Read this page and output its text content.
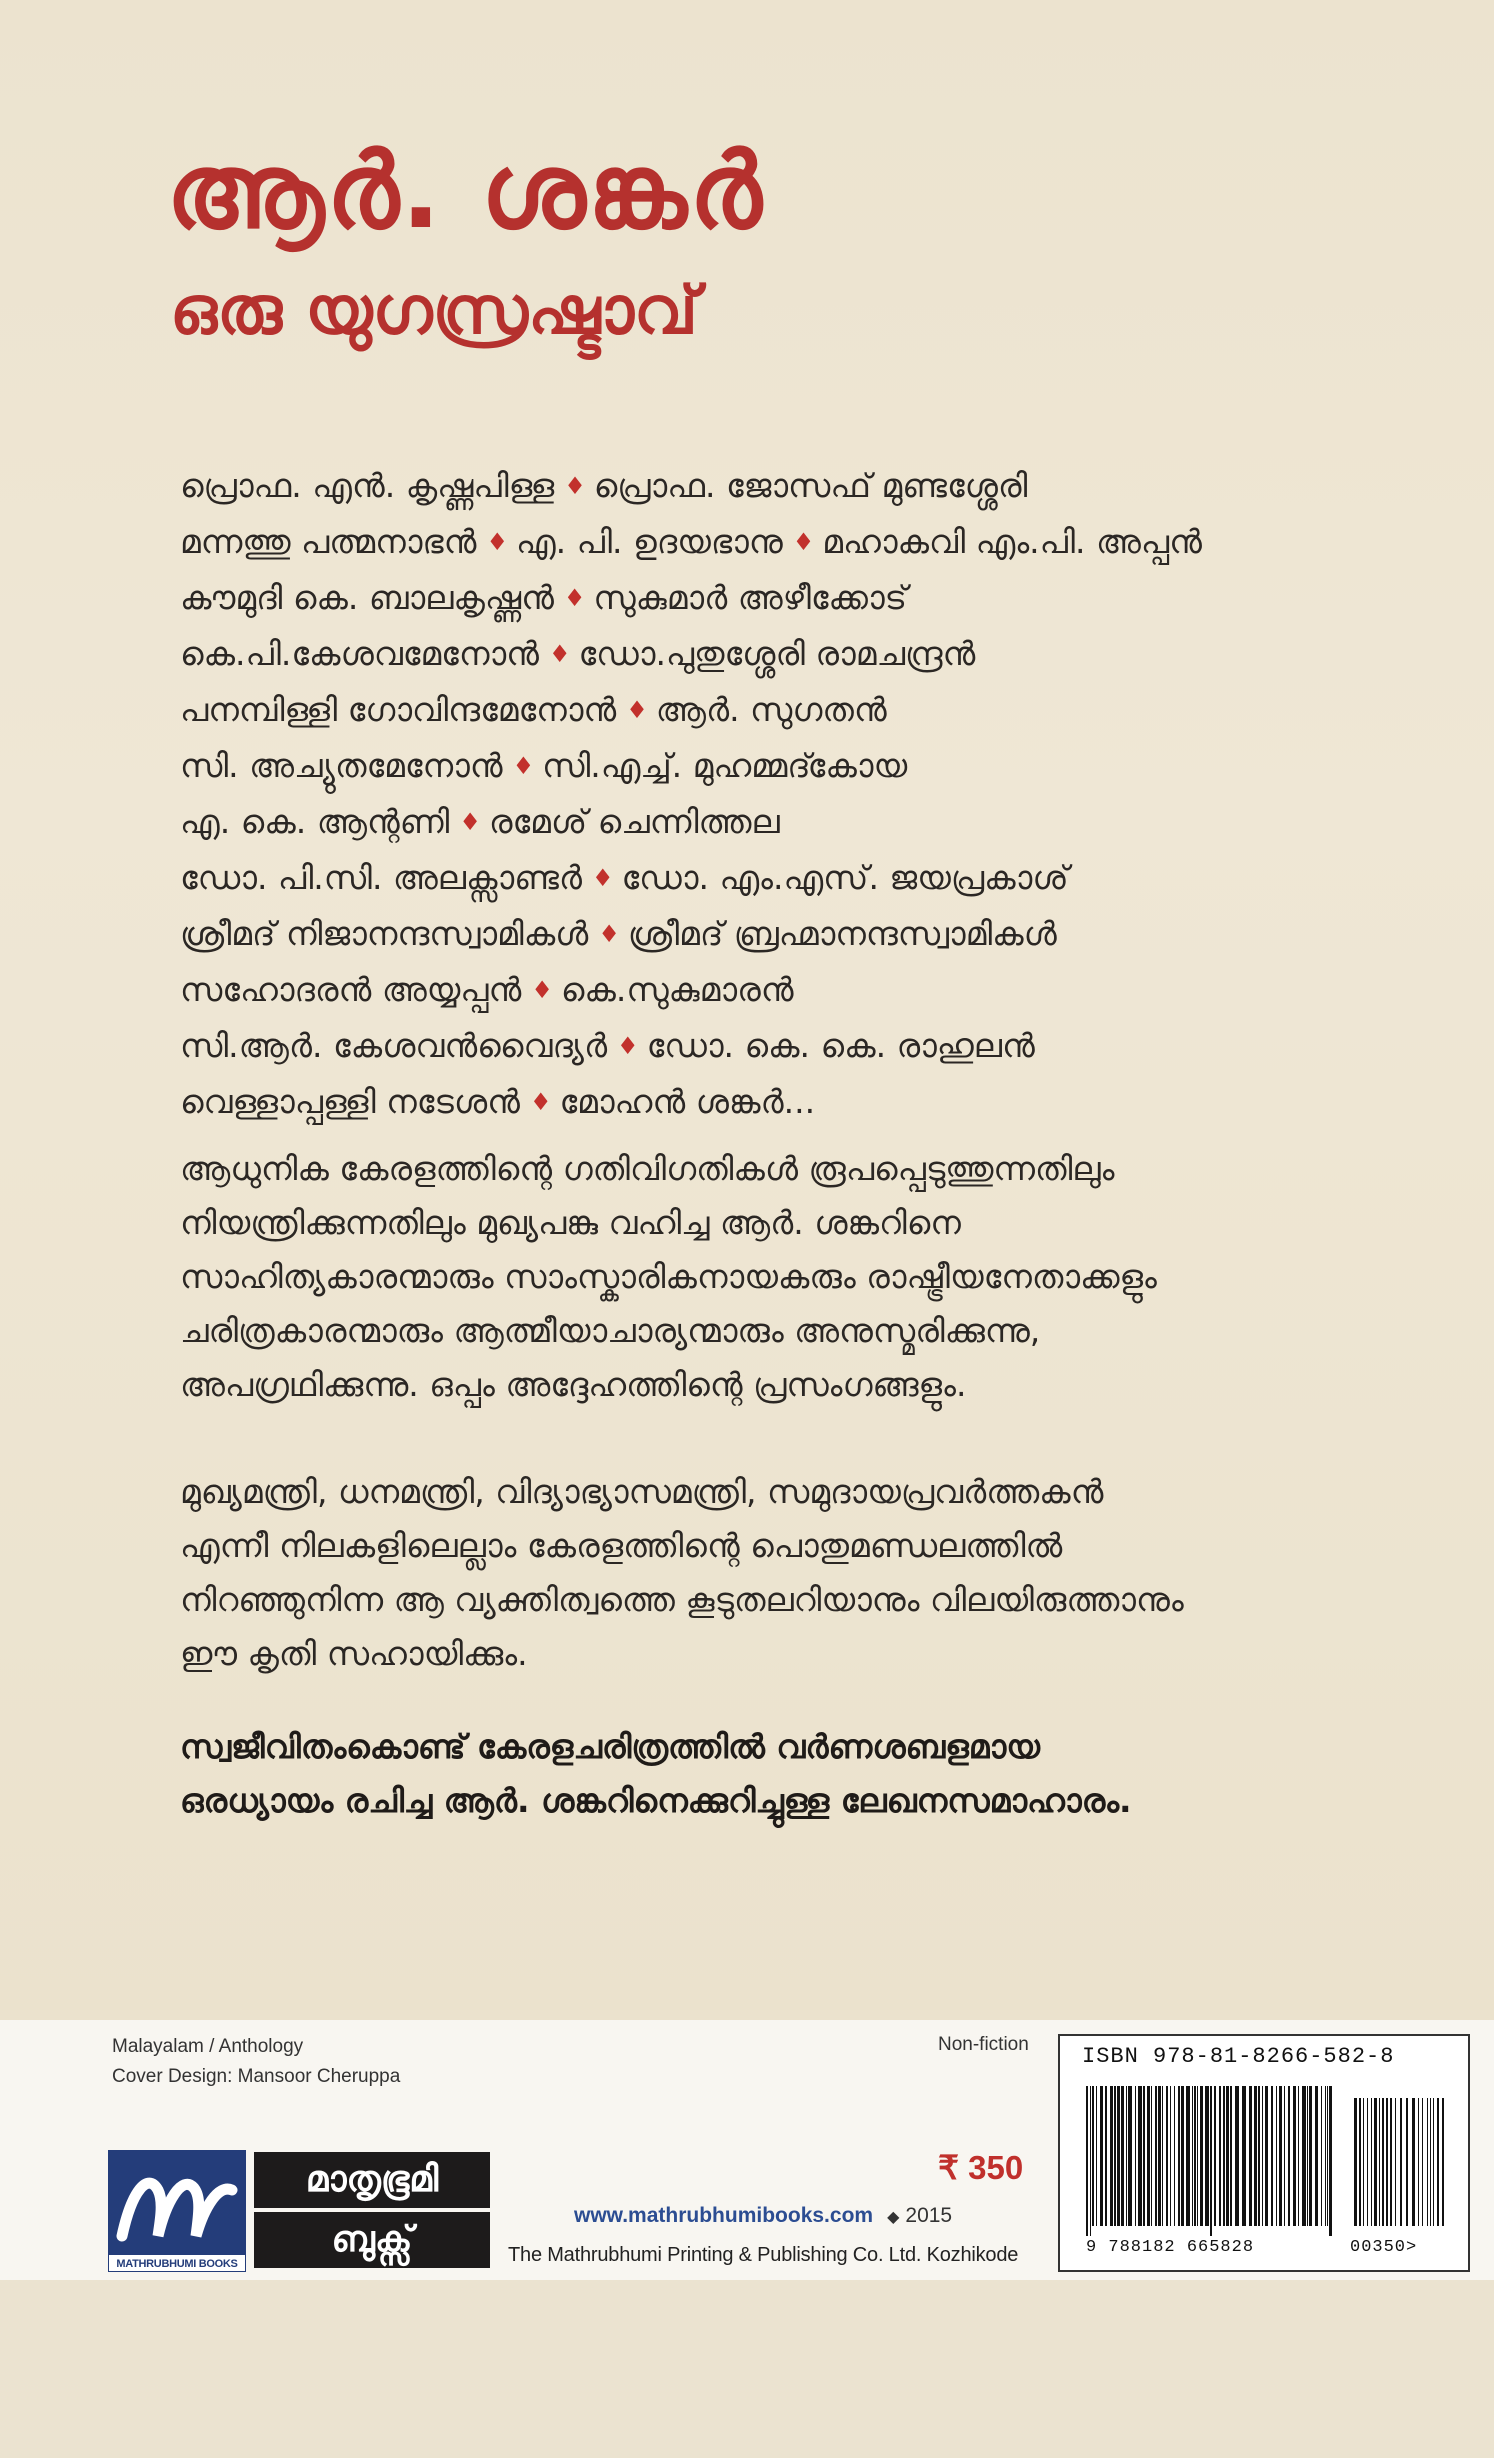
ആർ. ശങ്കർ
ഒരു യുഗസ്രഷ്ടാവ്
പ്രൊഫ. എൻ. കൃഷ്ണപിള്ള ♦ പ്രൊഫ. ജോസഫ് മുണ്ടശ്ശേരി
മന്നത്തു പത്മനാഭൻ ♦ എ. പി. ഉദയഭാനു ♦ മഹാകവി എം.പി. അപ്പൻ
കൗമുദി കെ. ബാലകൃഷ്ണൻ ♦ സുകുമാർ അഴീക്കോട്
കെ.പി.കേശവമേനോൻ ♦ ഡോ.പുതുശ്ശേരി രാമചന്ദ്രൻ
പനമ്പിള്ളി ഗോവിന്ദമേനോൻ ♦ ആർ. സുഗതൻ
സി. അച്യുതമേനോൻ ♦ സി.എച്ച്. മുഹമ്മദ്കോയ
എ. കെ. ആന്റണി ♦ രമേശ് ചെന്നിത്തല
ഡോ. പി.സി. അലക്സാണ്ടർ ♦ ഡോ. എം.എസ്. ജയപ്രകാശ്
ശ്രീമദ് നിജാനന്ദസ്വാമികൾ ♦ ശ്രീമദ് ബ്രഹ്മാനന്ദസ്വാമികൾ
സഹോദരൻ അയ്യപ്പൻ ♦ കെ.സുകുമാരൻ
സി.ആർ. കേശവൻവൈദ്യർ ♦ ഡോ. കെ. കെ. രാഹുലൻ
വെള്ളാപ്പള്ളി നടേശൻ ♦ മോഹൻ ശങ്കർ...
ആധുനിക കേരളത്തിന്റെ ഗതിവിഗതികൾ രൂപപ്പെടുത്തുന്നതിലും
നിയന്ത്രിക്കുന്നതിലും മുഖ്യപങ്കു വഹിച്ച ആർ. ശങ്കറിനെ
സാഹിത്യകാരന്മാരും സാംസ്കാരികനായകരും രാഷ്ട്രീയനേതാക്കളും
ചരിത്രകാരന്മാരും ആത്മീയാചാര്യന്മാരും അനുസ്മരിക്കുന്നു,
അപഗ്രഥിക്കുന്നു. ഒപ്പം അദ്ദേഹത്തിന്റെ പ്രസംഗങ്ങളും.
മുഖ്യമന്ത്രി, ധനമന്ത്രി, വിദ്യാഭ്യാസമന്ത്രി, സമുദായപ്രവർത്തകൻ
എന്നീ നിലകളിലെല്ലാം കേരളത്തിന്റെ പൊതുമണ്ഡലത്തിൽ
നിറഞ്ഞുനിന്ന ആ വ്യക്തിത്വത്തെ കൂടുതലറിയാനും വിലയിരുത്താനും
ഈ കൃതി സഹായിക്കും.
സ്വജീവിതംകൊണ്ട് കേരളചരിത്രത്തിൽ വർണശബളമായ
ഒരധ്യായം രചിച്ച ആർ. ശങ്കറിനെക്കുറിച്ചുള്ള ലേഖനസമാഹാരം.
Malayalam / Anthology
Cover Design: Mansoor Cheruppa
Non-fiction
MATHRUBHUMI BOOKS
മാതൃഭൂമി
ബുക്സ്
₹ 350
www.mathrubhumibooks.com ◆ 2015
The Mathrubhumi Printing & Publishing Co. Ltd. Kozhikode
ISBN 978-81-8266-582-8
9 788182 665828	00350>
